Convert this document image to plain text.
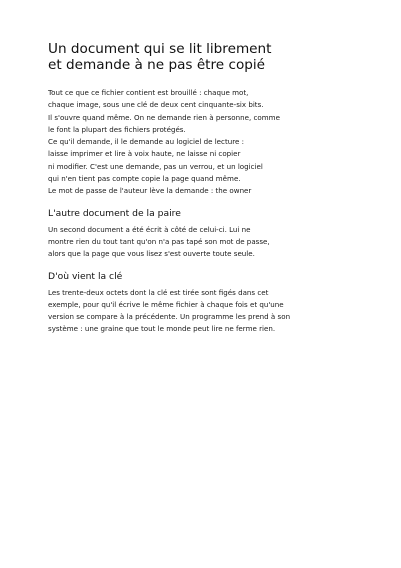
Un document qui se lit librement
et demande à ne pas être copié

Tout ce que ce fichier contient est brouillé : chaque mot,
chaque image, sous une clé de deux cent cinquante-six bits.
Il s'ouvre quand même. On ne demande rien à personne, comme
le font la plupart des fichiers protégés.
Ce qu'il demande, il le demande au logiciel de lecture :
laisse imprimer et lire à voix haute, ne laisse ni copier
ni modifier. C'est une demande, pas un verrou, et un logiciel
qui n'en tient pas compte copie la page quand même.
Le mot de passe de l'auteur lève la demande : the owner

L'autre document de la paire

Un second document a été écrit à côté de celui-ci. Lui ne
montre rien du tout tant qu'on n'a pas tapé son mot de passe,
alors que la page que vous lisez s'est ouverte toute seule.

D'où vient la clé

Les trente-deux octets dont la clé est tirée sont figés dans cet
exemple, pour qu'il écrive le même fichier à chaque fois et qu'une
version se compare à la précédente. Un programme les prend à son
système : une graine que tout le monde peut lire ne ferme rien.
